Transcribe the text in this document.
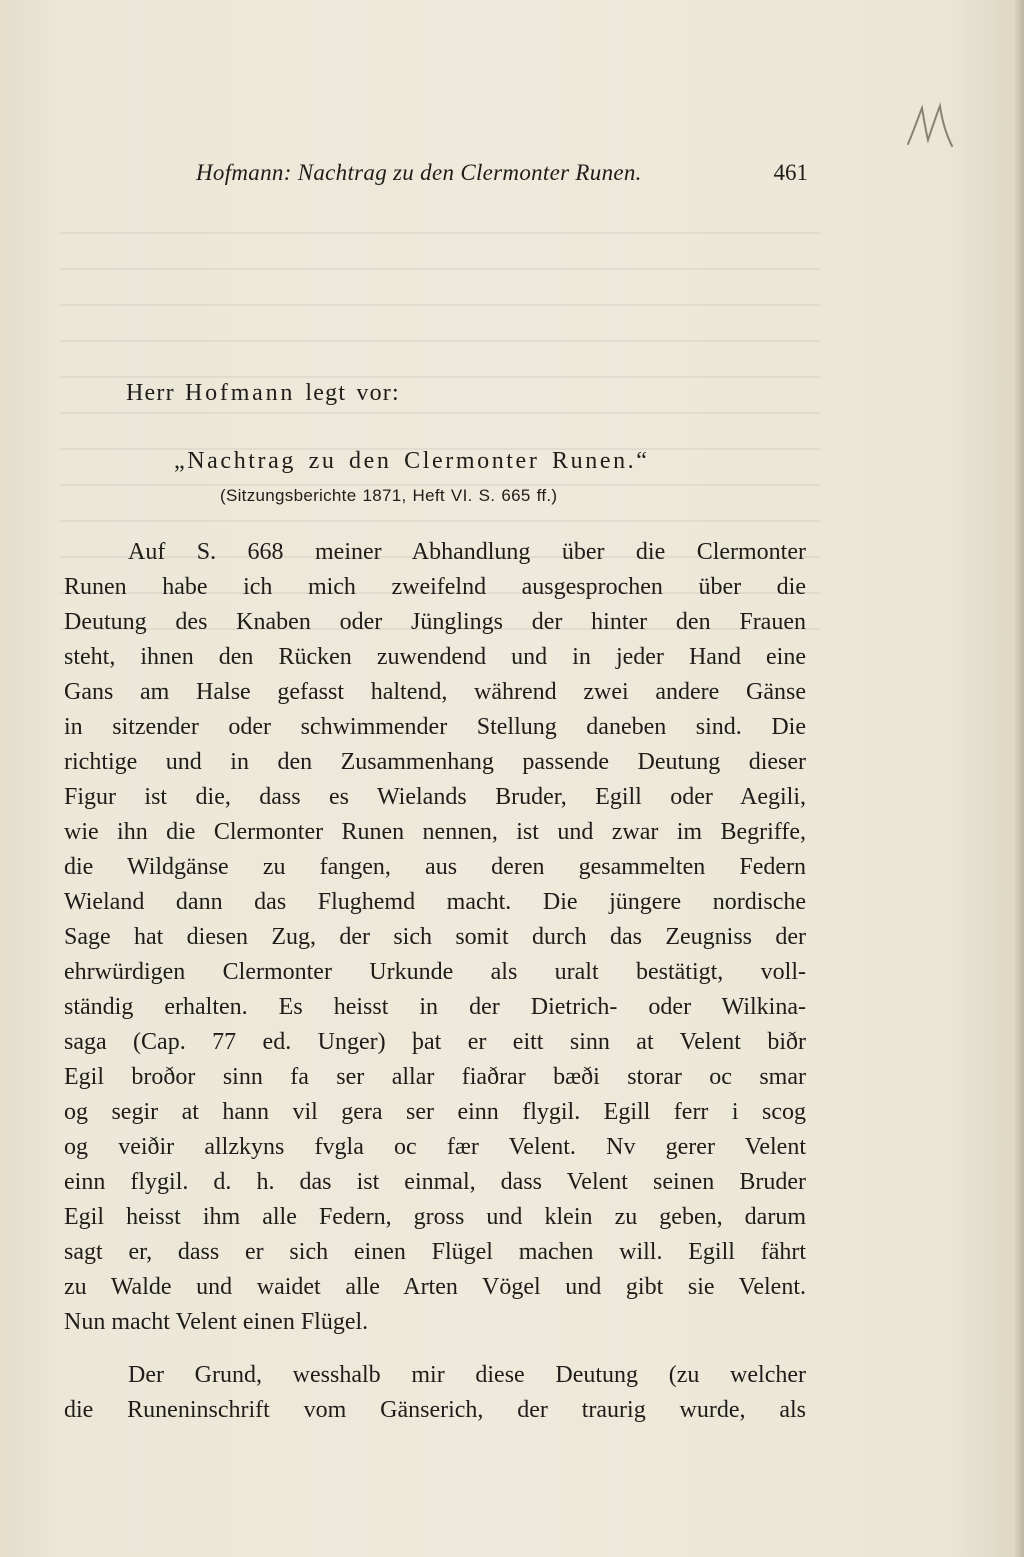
Hofmann: Nachtrag zu den Clermonter Runen.	461
Herr Hofmann legt vor:
„Nachtrag zu den Clermonter Runen.“
(Sitzungsberichte 1871, Heft VI. S. 665 ff.)
Auf S. 668 meiner Abhandlung über die Clermonter
Runen habe ich mich zweifelnd ausgesprochen über die
Deutung des Knaben oder Jünglings der hinter den Frauen
steht, ihnen den Rücken zuwendend und in jeder Hand eine
Gans am Halse gefasst haltend, während zwei andere Gänse
in sitzender oder schwimmender Stellung daneben sind. Die
richtige und in den Zusammenhang passende Deutung dieser
Figur ist die, dass es Wielands Bruder, Egill oder Aegili,
wie ihn die Clermonter Runen nennen, ist und zwar im Begriffe,
die Wildgänse zu fangen, aus deren gesammelten Federn
Wieland dann das Flughemd macht. Die jüngere nordische
Sage hat diesen Zug, der sich somit durch das Zeugniss der
ehrwürdigen Clermonter Urkunde als uralt bestätigt, voll-
ständig erhalten. Es heisst in der Dietrich- oder Wilkina-
saga (Cap. 77 ed. Unger) þat er eitt sinn at Velent biðr
Egil broðor sinn fa ser allar fiaðrar bæði storar oc smar
og segir at hann vil gera ser einn flygil. Egill ferr i scog
og veiðir allzkyns fvgla oc fær Velent. Nv gerer Velent
einn flygil. d. h. das ist einmal, dass Velent seinen Bruder
Egil heisst ihm alle Federn, gross und klein zu geben, darum
sagt er, dass er sich einen Flügel machen will. Egill fährt
zu Walde und waidet alle Arten Vögel und gibt sie Velent.
Nun macht Velent einen Flügel.
Der Grund, wesshalb mir diese Deutung (zu welcher
die Runeninschrift vom Gänserich, der traurig wurde, als
